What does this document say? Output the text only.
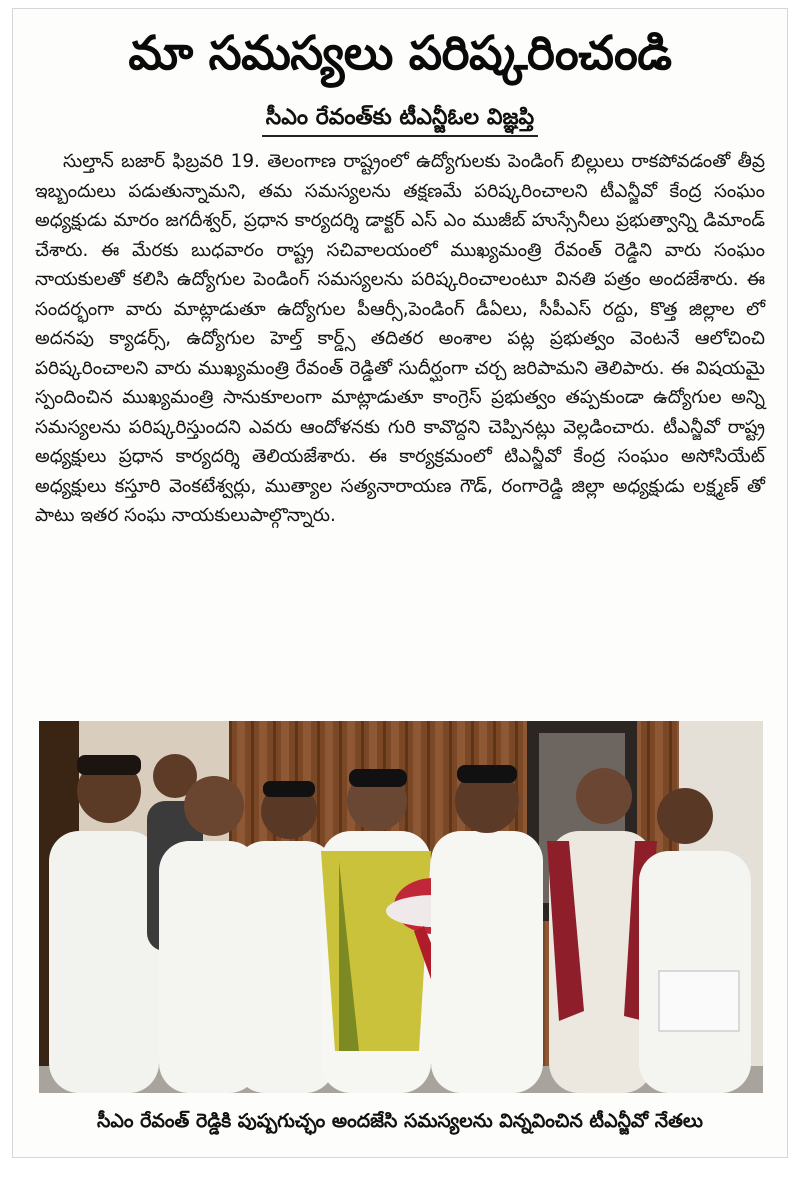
మా సమస్యలు పరిష్కరించండి
సీఎం రేవంత్‌కు టీఎన్జీఓల విజ్ఞప్తి
సుల్తాన్ బజార్ ఫిబ్రవరి 19. తెలంగాణ రాష్ట్రంలో ఉద్యోగులకు పెండింగ్ బిల్లులు రాకపోవడంతో తీవ్ర ఇబ్బందులు పడుతున్నామని, తమ సమస్యలను తక్షణమే పరిష్కరించాలని టీఎన్జీవో కేంద్ర సంఘం అధ్యక్షుడు మారం జగదీశ్వర్, ప్రధాన కార్యదర్శి డాక్టర్ ఎస్ ఎం ముజీబ్ హుస్సేనీలు ప్రభుత్వాన్ని డిమాండ్ చేశారు. ఈ మేరకు బుధవారం రాష్ట్ర సచివాలయంలో ముఖ్యమంత్రి రేవంత్ రెడ్డిని వారు సంఘం నాయకులతో కలిసి ఉద్యోగుల పెండింగ్ సమస్యలను పరిష్కరించాలంటూ వినతి పత్రం అందజేశారు. ఈ సందర్భంగా వారు మాట్లాడుతూ ఉద్యోగుల పీఆర్సీ,పెండింగ్ డీఏలు, సీపీఎస్ రద్దు, కొత్త జిల్లాల లో అదనపు క్యాడర్స్, ఉద్యోగుల హెల్త్ కార్డ్స్ తదితర అంశాల పట్ల ప్రభుత్వం వెంటనే ఆలోచించి పరిష్కరించాలని వారు ముఖ్యమంత్రి రేవంత్ రెడ్డితో సుదీర్ఘంగా చర్చ జరిపామని తెలిపారు. ఈ విషయమై స్పందించిన ముఖ్యమంత్రి సానుకూలంగా మాట్లాడుతూ కాంగ్రెస్ ప్రభుత్వం తప్పకుండా ఉద్యోగుల అన్ని సమస్యలను పరిష్కరిస్తుందని ఎవరు ఆందోళనకు గురి కావొద్దని చెప్పినట్లు వెల్లడించారు. టీఎన్జీవో రాష్ట్ర అధ్యక్షులు ప్రధాన కార్యదర్శి తెలియజేశారు. ఈ కార్యక్రమంలో టిఎన్జీవో కేంద్ర సంఘం అసోసియేట్ అధ్యక్షులు కస్తూరి వెంకటేశ్వర్లు, ముత్యాల సత్యనారాయణ గౌడ్, రంగారెడ్డి జిల్లా అధ్యక్షుడు లక్ష్మణ్ తో పాటు ఇతర సంఘ నాయకులుపాల్గొన్నారు.
సీఎం రేవంత్ రెడ్డికి పుష్పగుచ్ఛం అందజేసి సమస్యలను విన్నవించిన టీఎన్జీవో నేతలు
